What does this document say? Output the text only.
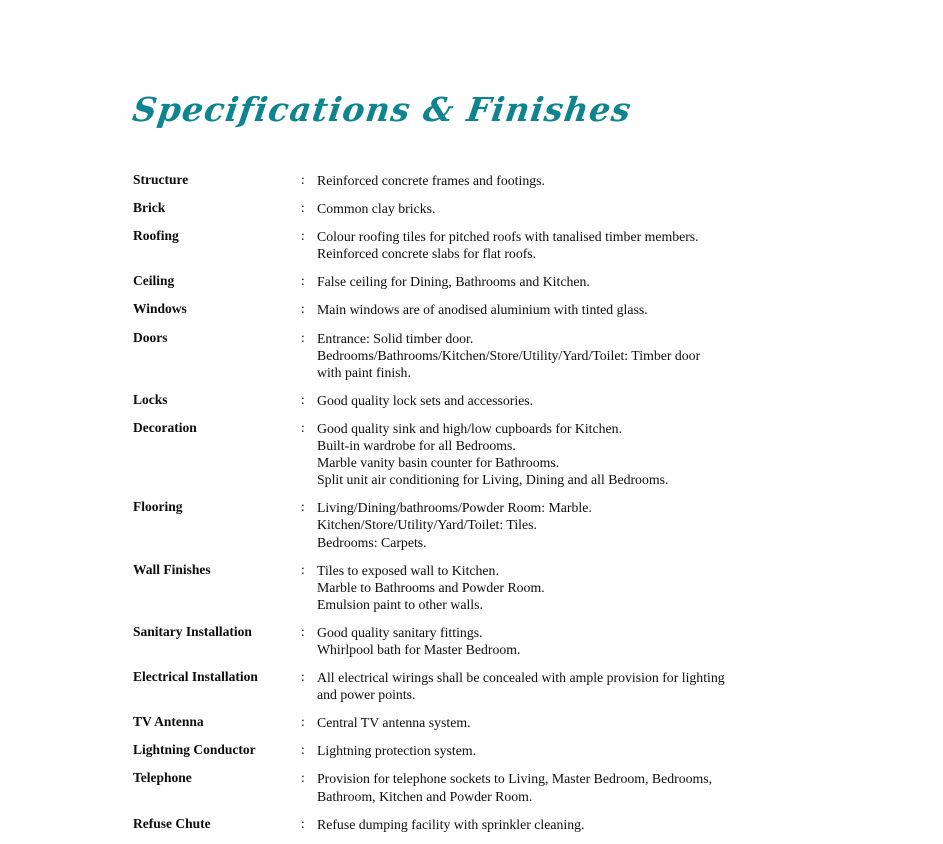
Specifications & Finishes
Structure	:	Reinforced concrete frames and footings.

Brick	:	Common clay bricks.

Roofing	:	Colour roofing tiles for pitched roofs with tanalised timber members.
Reinforced concrete slabs for flat roofs.

Ceiling	:	False ceiling for Dining, Bathrooms and Kitchen.

Windows	:	Main windows are of anodised aluminium with tinted glass.

Doors	:	Entrance: Solid timber door.
Bedrooms/Bathrooms/Kitchen/Store/Utility/Yard/Toilet: Timber door
with paint finish.

Locks	:	Good quality lock sets and accessories.

Decoration	:	Good quality sink and high/low cupboards for Kitchen.
Built-in wardrobe for all Bedrooms.
Marble vanity basin counter for Bathrooms.
Split unit air conditioning for Living, Dining and all Bedrooms.

Flooring	:	Living/Dining/bathrooms/Powder Room: Marble.
Kitchen/Store/Utility/Yard/Toilet: Tiles.
Bedrooms: Carpets.

Wall Finishes	:	Tiles to exposed wall to Kitchen.
Marble to Bathrooms and Powder Room.
Emulsion paint to other walls.

Sanitary Installation	:	Good quality sanitary fittings.
Whirlpool bath for Master Bedroom.

Electrical Installation	:	All electrical wirings shall be concealed with ample provision for lighting
and power points.

TV Antenna	:	Central TV antenna system.

Lightning Conductor	:	Lightning protection system.

Telephone	:	Provision for telephone sockets to Living, Master Bedroom, Bedrooms,
Bathroom, Kitchen and Powder Room.

Refuse Chute	:	Refuse dumping facility with sprinkler cleaning.
